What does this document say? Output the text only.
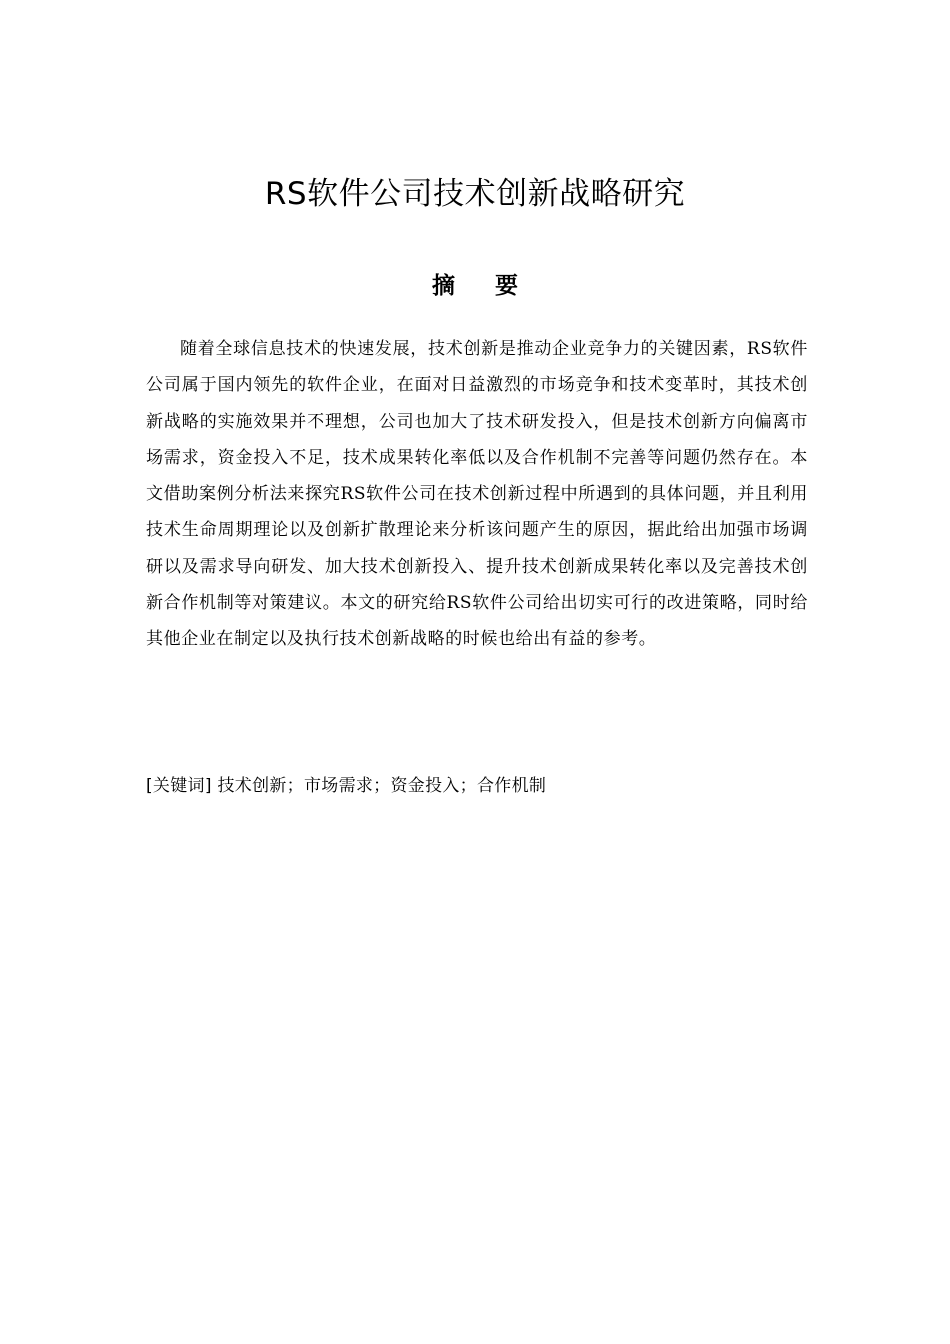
RS软件公司技术创新战略研究
摘 要

随着全球信息技术的快速发展，技术创新是推动企业竞争力的关键因素，RS软件公司属于国内领先的软件企业，在面对日益激烈的市场竞争和技术变革时，其技术创新战略的实施效果并不理想，公司也加大了技术研发投入，但是技术创新方向偏离市场需求，资金投入不足，技术成果转化率低以及合作机制不完善等问题仍然存在。本文借助案例分析法来探究RS软件公司在技术创新过程中所遇到的具体问题，并且利用技术生命周期理论以及创新扩散理论来分析该问题产生的原因，据此给出加强市场调研以及需求导向研发、加大技术创新投入、提升技术创新成果转化率以及完善技术创新合作机制等对策建议。本文的研究给RS软件公司给出切实可行的改进策略，同时给其他企业在制定以及执行技术创新战略的时候也给出有益的参考。

[关键词] 技术创新；市场需求；资金投入；合作机制
